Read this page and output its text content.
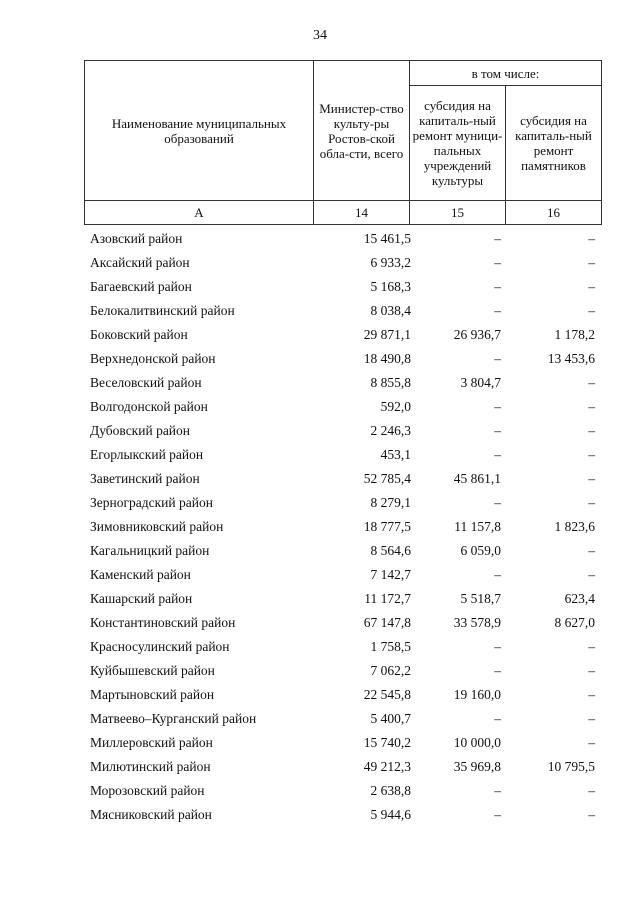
34
Наименование муниципальных образований	Министер-ство культу-ры Ростов-ской обла-сти, всего	в том числе:	
		субсидия на капиталь-ный ремонт муници-пальных учреждений культуры	субсидия на капиталь-ный ремонт памятников
А	14	15	16
Азовский район	15 461,5	–	–
Аксайский район	6 933,2	–	–
Багаевский район	5 168,3	–	–
Белокалитвинский район	8 038,4	–	–
Боковский район	29 871,1	26 936,7	1 178,2
Верхнедонской район	18 490,8	–	13 453,6
Веселовский район	8 855,8	3 804,7	–
Волгодонской район	592,0	–	–
Дубовский район	2 246,3	–	–
Егорлыкский район	453,1	–	–
Заветинский район	52 785,4	45 861,1	–
Зерноградский район	8 279,1	–	–
Зимовниковский район	18 777,5	11 157,8	1 823,6
Кагальницкий район	8 564,6	6 059,0	–
Каменский район	7 142,7	–	–
Кашарский район	11 172,7	5 518,7	623,4
Константиновский район	67 147,8	33 578,9	8 627,0
Красносулинский район	1 758,5	–	–
Куйбышевский район	7 062,2	–	–
Мартыновский район	22 545,8	19 160,0	–
Матвеево–Курганский район	5 400,7	–	–
Миллеровский район	15 740,2	10 000,0	–
Милютинский район	49 212,3	35 969,8	10 795,5
Морозовский район	2 638,8	–	–
Мясниковский район	5 944,6	–	–
